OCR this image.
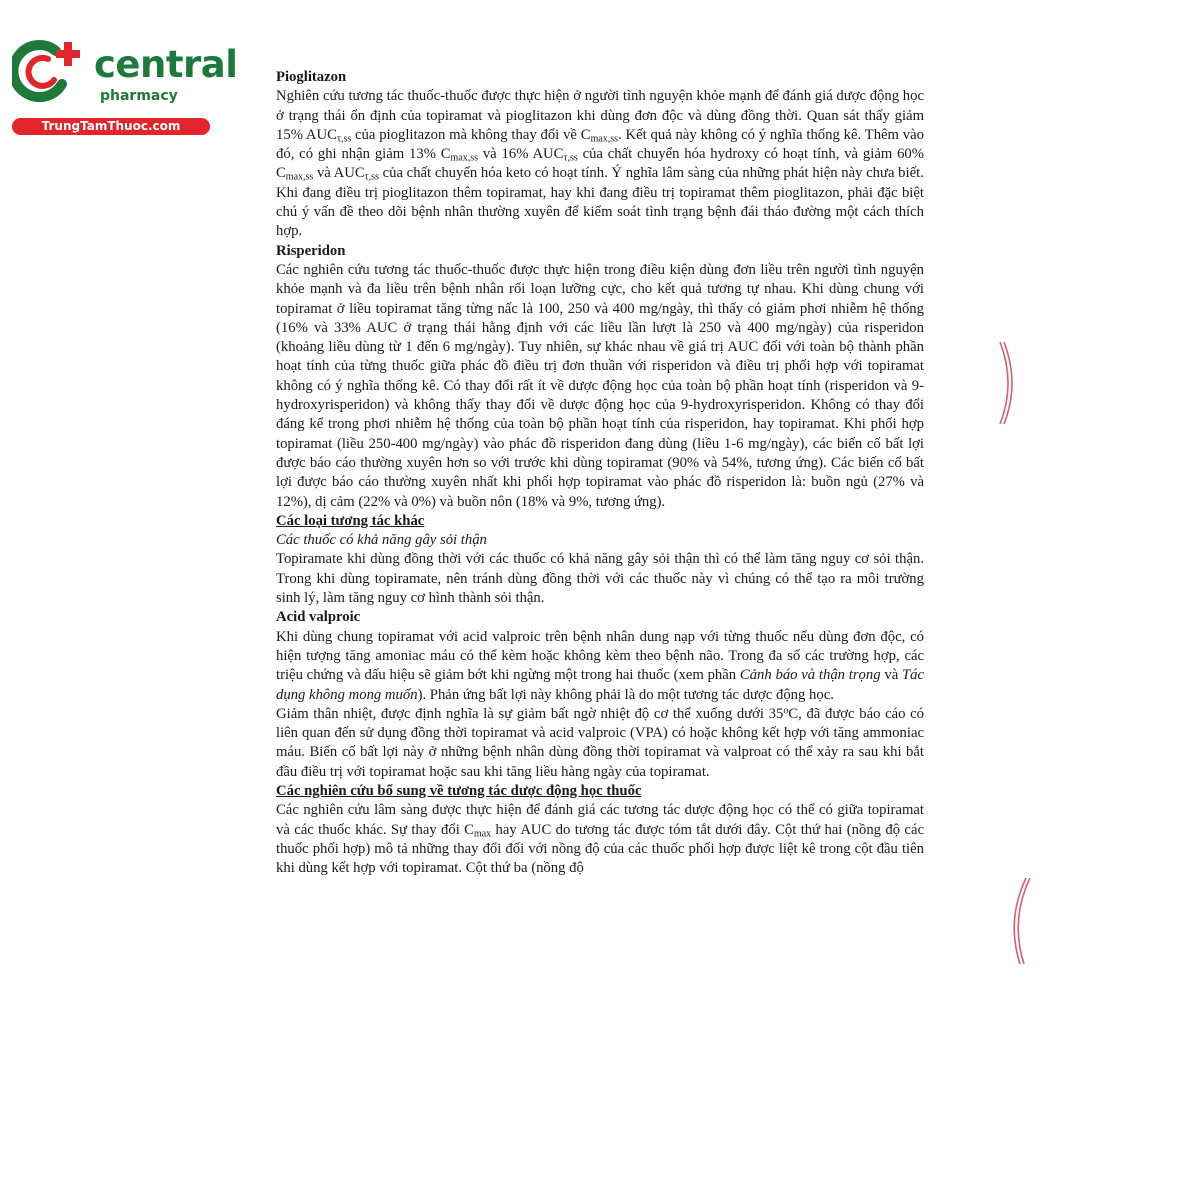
central
pharmacy
TrungTamThuoc.com

Pioglitazon

Nghiên cứu tương tác thuốc-thuốc được thực hiện ở người tình nguyện khỏe mạnh để đánh giá dược động học ở trạng thái ổn định của topiramat và pioglitazon khi dùng đơn độc và dùng đồng thời. Quan sát thấy giảm 15% $AUC_{\tau,ss}$ của pioglitazon mà không thay đổi về $C_{max,ss}$. Kết quả này không có ý nghĩa thống kê. Thêm vào đó, có ghi nhận giảm 13% $C_{max,ss}$ và 16% $AUC_{\tau,ss}$ của chất chuyển hóa hydroxy có hoạt tính, và giảm 60% $C_{max,ss}$ và $AUC_{\tau,ss}$ của chất chuyển hóa keto có hoạt tính. Ý nghĩa lâm sàng của những phát hiện này chưa biết.

Khi đang điều trị pioglitazon thêm topiramat, hay khi đang điều trị topiramat thêm pioglitazon, phải đặc biệt chú ý vấn đề theo dõi bệnh nhân thường xuyên để kiểm soát tình trạng bệnh đái tháo đường một cách thích hợp.

Risperidon

Các nghiên cứu tương tác thuốc-thuốc được thực hiện trong điều kiện dùng đơn liều trên người tình nguyện khỏe mạnh và đa liều trên bệnh nhân rối loạn lưỡng cực, cho kết quả tương tự nhau. Khi dùng chung với topiramat ở liều topiramat tăng từng nấc là 100, 250 và 400 mg/ngày, thì thấy có giảm phơi nhiễm hệ thống (16% và 33% AUC ở trạng thái hằng định với các liều lần lượt là 250 và 400 mg/ngày) của risperidon (khoảng liều dùng từ 1 đến 6 mg/ngày). Tuy nhiên, sự khác nhau về giá trị AUC đối với toàn bộ thành phần hoạt tính của từng thuốc giữa phác đồ điều trị đơn thuần với risperidon và điều trị phối hợp với topiramat không có ý nghĩa thống kê. Có thay đổi rất ít về dược động học của toàn bộ phần hoạt tính (risperidon và 9-hydroxyrisperidon) và không thấy thay đổi về dược động học của 9-hydroxyrisperidon. Không có thay đổi đáng kể trong phơi nhiễm hệ thống của toàn bộ phần hoạt tính của risperidon, hay topiramat. Khi phối hợp topiramat (liều 250-400 mg/ngày) vào phác đồ risperidon đang dùng (liều 1-6 mg/ngày), các biến cố bất lợi được báo cáo thường xuyên hơn so với trước khi dùng topiramat (90% và 54%, tương ứng). Các biến cố bất lợi được báo cáo thường xuyên nhất khi phối hợp topiramat vào phác đồ risperidon là: buồn ngủ (27% và 12%), dị cảm (22% và 0%) và buồn nôn (18% và 9%, tương ứng).

Các loại tương tác khác

Các thuốc có khả năng gây sỏi thận

Topiramate khi dùng đồng thời với các thuốc có khả năng gây sỏi thận thì có thể làm tăng nguy cơ sỏi thận. Trong khi dùng topiramate, nên tránh dùng đồng thời với các thuốc này vì chúng có thể tạo ra môi trường sinh lý, làm tăng nguy cơ hình thành sỏi thận.

Acid valproic

Khi dùng chung topiramat với acid valproic trên bệnh nhân dung nạp với từng thuốc nếu dùng đơn độc, có hiện tượng tăng amoniac máu có thể kèm hoặc không kèm theo bệnh não. Trong đa số các trường hợp, các triệu chứng và dấu hiệu sẽ giảm bớt khi ngừng một trong hai thuốc (xem phần Cảnh báo và thận trọng và Tác dụng không mong muốn). Phản ứng bất lợi này không phải là do một tương tác dược động học.

Giảm thân nhiệt, được định nghĩa là sự giảm bất ngờ nhiệt độ cơ thể xuống dưới 35$^o$C, đã được báo cáo có liên quan đến sử dụng đồng thời topiramat và acid valproic (VPA) có hoặc không kết hợp với tăng ammoniac máu. Biến cố bất lợi này ở những bệnh nhân dùng đồng thời topiramat và valproat có thể xảy ra sau khi bắt đầu điều trị với topiramat hoặc sau khi tăng liều hàng ngày của topiramat.

Các nghiên cứu bổ sung về tương tác dược động học thuốc

Các nghiên cứu lâm sàng được thực hiện để đánh giá các tương tác dược động học có thể có giữa topiramat và các thuốc khác. Sự thay đổi $C_{max}$ hay AUC do tương tác được tóm tắt dưới đây. Cột thứ hai (nồng độ các thuốc phối hợp) mô tả những thay đổi đối với nồng độ của các thuốc phối hợp được liệt kê trong cột đầu tiên khi dùng kết hợp với topiramat. Cột thứ ba (nồng độ
